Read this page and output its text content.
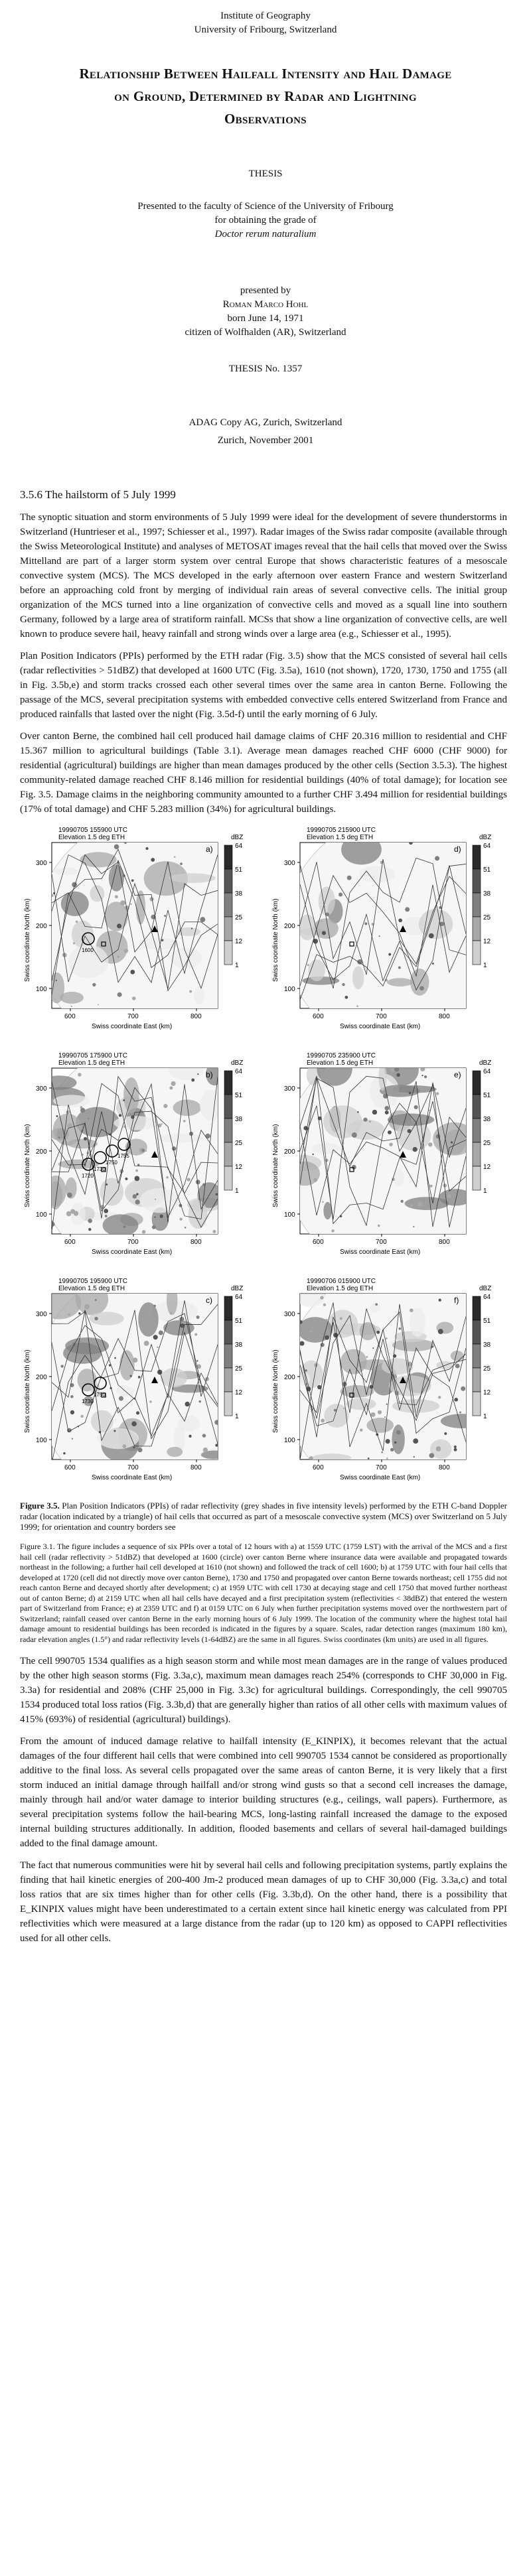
Institute of Geography
University of Fribourg, Switzerland
Relationship Between Hailfall Intensity and Hail Damage on Ground, Determined by Radar and Lightning Observations
THESIS
Presented to the faculty of Science of the University of Fribourg
for obtaining the grade of
Doctor rerum naturalium
presented by
Roman Marco Hohl
born June 14, 1971
citizen of Wolfhalden (AR), Switzerland
THESIS No. 1357
ADAG Copy AG, Zurich, Switzerland
Zurich, November 2001
3.5.6 The hailstorm of 5 July 1999

The synoptic situation and storm environments of 5 July 1999 were ideal for the development of severe thunderstorms in Switzerland (Huntrieser et al., 1997; Schiesser et al., 1997). Radar images of the Swiss radar composite (available through the Swiss Meteorological Institute) and analyses of METOSAT images reveal that the hail cells that moved over the Swiss Mittelland are part of a larger storm system over central Europe that shows characteristic features of a mesoscale convective system (MCS). The MCS developed in the early afternoon over eastern France and western Switzerland before an approaching cold front by merging of individual rain areas of several convective cells. The initial group organization of the MCS turned into a line organization of convective cells and moved as a squall line into southern Germany, followed by a large area of stratiform rainfall. MCSs that show a line organization of convective cells, are well known to produce severe hail, heavy rainfall and strong winds over a large area (e.g., Schiesser et al., 1995).

Plan Position Indicators (PPIs) performed by the ETH radar (Fig. 3.5) show that the MCS consisted of several hail cells (radar reflectivities > 51dBZ) that developed at 1600 UTC (Fig. 3.5a), 1610 (not shown), 1720, 1730, 1750 and 1755 (all in Fig. 3.5b,e) and storm tracks crossed each other several times over the same area in canton Berne. Following the passage of the MCS, several precipitation systems with embedded convective cells entered Switzerland from France and produced rainfalls that lasted over the night (Fig. 3.5d-f) until the early morning of 6 July.

Over canton Berne, the combined hail cell produced hail damage claims of CHF 20.316 million to residential and CHF 15.367 million to agricultural buildings (Table 3.1). Average mean damages reached CHF 6000 (CHF 9000) for residential (agricultural) buildings are higher than mean damages produced by the other cells (Section 3.5.3). The highest community-related damage reached CHF 8.146 million for residential buildings (40% of total damage); for location see Fig. 3.5. Damage claims in the neighboring community amounted to a further CHF 3.494 million for residential buildings (17% of total damage) and CHF 5.283 million (34%) for agricultural buildings.

19990705 155900 UTC
Elevation 1.5 deg ETH	dBZ
1600
a)
600	700	800
300
200
100
Swiss coordinate East (km)
Swiss coordinate North (km)
64
51
38
25
12
1
19990705 215900 UTC
Elevation 1.5 deg ETH	dBZ
d)
600	700	800
300
200
100
Swiss coordinate East (km)
Swiss coordinate North (km)
64
51
38
25
12
1
19990705 175900 UTC
Elevation 1.5 deg ETH	dBZ
1720
1730
1750
1755
b)
600	700	800
300
200
100
Swiss coordinate East (km)
Swiss coordinate North (km)
64
51
38
25
12
1
19990705 235900 UTC
Elevation 1.5 deg ETH	dBZ
e)
600	700	800
300
200
100
Swiss coordinate East (km)
Swiss coordinate North (km)
64
51
38
25
12
1
19990705 195900 UTC
Elevation 1.5 deg ETH	dBZ
1730
1750
c)
600	700	800
300
200
100
Swiss coordinate East (km)
Swiss coordinate North (km)
64
51
38
25
12
1
19990706 015900 UTC
Elevation 1.5 deg ETH	dBZ
f)
600	700	800
300
200
100
Swiss coordinate East (km)
Swiss coordinate North (km)
64
51
38
25
12
1
Figure 3.5. Plan Position Indicators (PPIs) of radar reflectivity (grey shades in five intensity levels) performed by the ETH C-band Doppler radar (location indicated by a triangle) of hail cells that occurred as part of a mesoscale convective system (MCS) over Switzerland on 5 July 1999; for orientation and country borders see
Figure 3.1. The figure includes a sequence of six PPIs over a total of 12 hours with a) at 1559 UTC (1759 LST) with the arrival of the MCS and a first hail cell (radar reflectivity > 51dBZ) that developed at 1600 (circle) over canton Berne where insurance data were available and propagated towards northeast in the following; a further hail cell developed at 1610 (not shown) and followed the track of cell 1600; b) at 1759 UTC with four hail cells that developed at 1720 (cell did not directly move over canton Berne), 1730 and 1750 and propagated over canton Berne towards northeast; cell 1755 did not reach canton Berne and decayed shortly after development; c) at 1959 UTC with cell 1730 at decaying stage and cell 1750 that moved further northeast out of canton Berne; d) at 2159 UTC when all hail cells have decayed and a first precipitation system (reflectivities < 38dBZ) that entered the western part of Switzerland from France; e) at 2359 UTC and f) at 0159 UTC on 6 July when further precipitation systems moved over the northwestern part of Switzerland; rainfall ceased over canton Berne in the early morning hours of 6 July 1999. The location of the community where the highest total hail damage amount to residential buildings has been recorded is indicated in the figures by a square. Scales, radar detection ranges (maximum 180 km), radar elevation angles (1.5°) and radar reflectivity levels (1-64dBZ) are the same in all figures. Swiss coordinates (km units) are used in all figures.

The cell 990705 1534 qualifies as a high season storm and while most mean damages are in the range of values produced by the other high season storms (Fig. 3.3a,c), maximum mean damages reach 254% (corresponds to CHF 30,000 in Fig. 3.3a) for residential and 208% (CHF 25,000 in Fig. 3.3c) for agricultural buildings. Correspondingly, the cell 990705 1534 produced total loss ratios (Fig. 3.3b,d) that are generally higher than ratios of all other cells with maximum values of 415% (693%) of residential (agricultural) buildings).

From the amount of induced damage relative to hailfall intensity (E_KINPIX), it becomes relevant that the actual damages of the four different hail cells that were combined into cell 990705 1534 cannot be considered as proportionally additive to the final loss. As several cells propagated over the same areas of canton Berne, it is very likely that a first storm induced an initial damage through hailfall and/or strong wind gusts so that a second cell increases the damage, mainly through hail and/or water damage to interior building structures (e.g., ceilings, wall papers). Furthermore, as several precipitation systems follow the hail-bearing MCS, long-lasting rainfall increased the damage to the exposed internal building structures additionally. In addition, flooded basements and cellars of several hail-damaged buildings added to the final damage amount.

The fact that numerous communities were hit by several hail cells and following precipitation systems, partly explains the finding that hail kinetic energies of 200-400 Jm-2 produced mean damages of up to CHF 30,000 (Fig. 3.3a,c) and total loss ratios that are six times higher than for other cells (Fig. 3.3b,d). On the other hand, there is a possibility that E_KINPIX values might have been underestimated to a certain extent since hail kinetic energy was calculated from PPI reflectivities which were measured at a large distance from the radar (up to 120 km) as opposed to CAPPI reflectivities used for all other cells.
